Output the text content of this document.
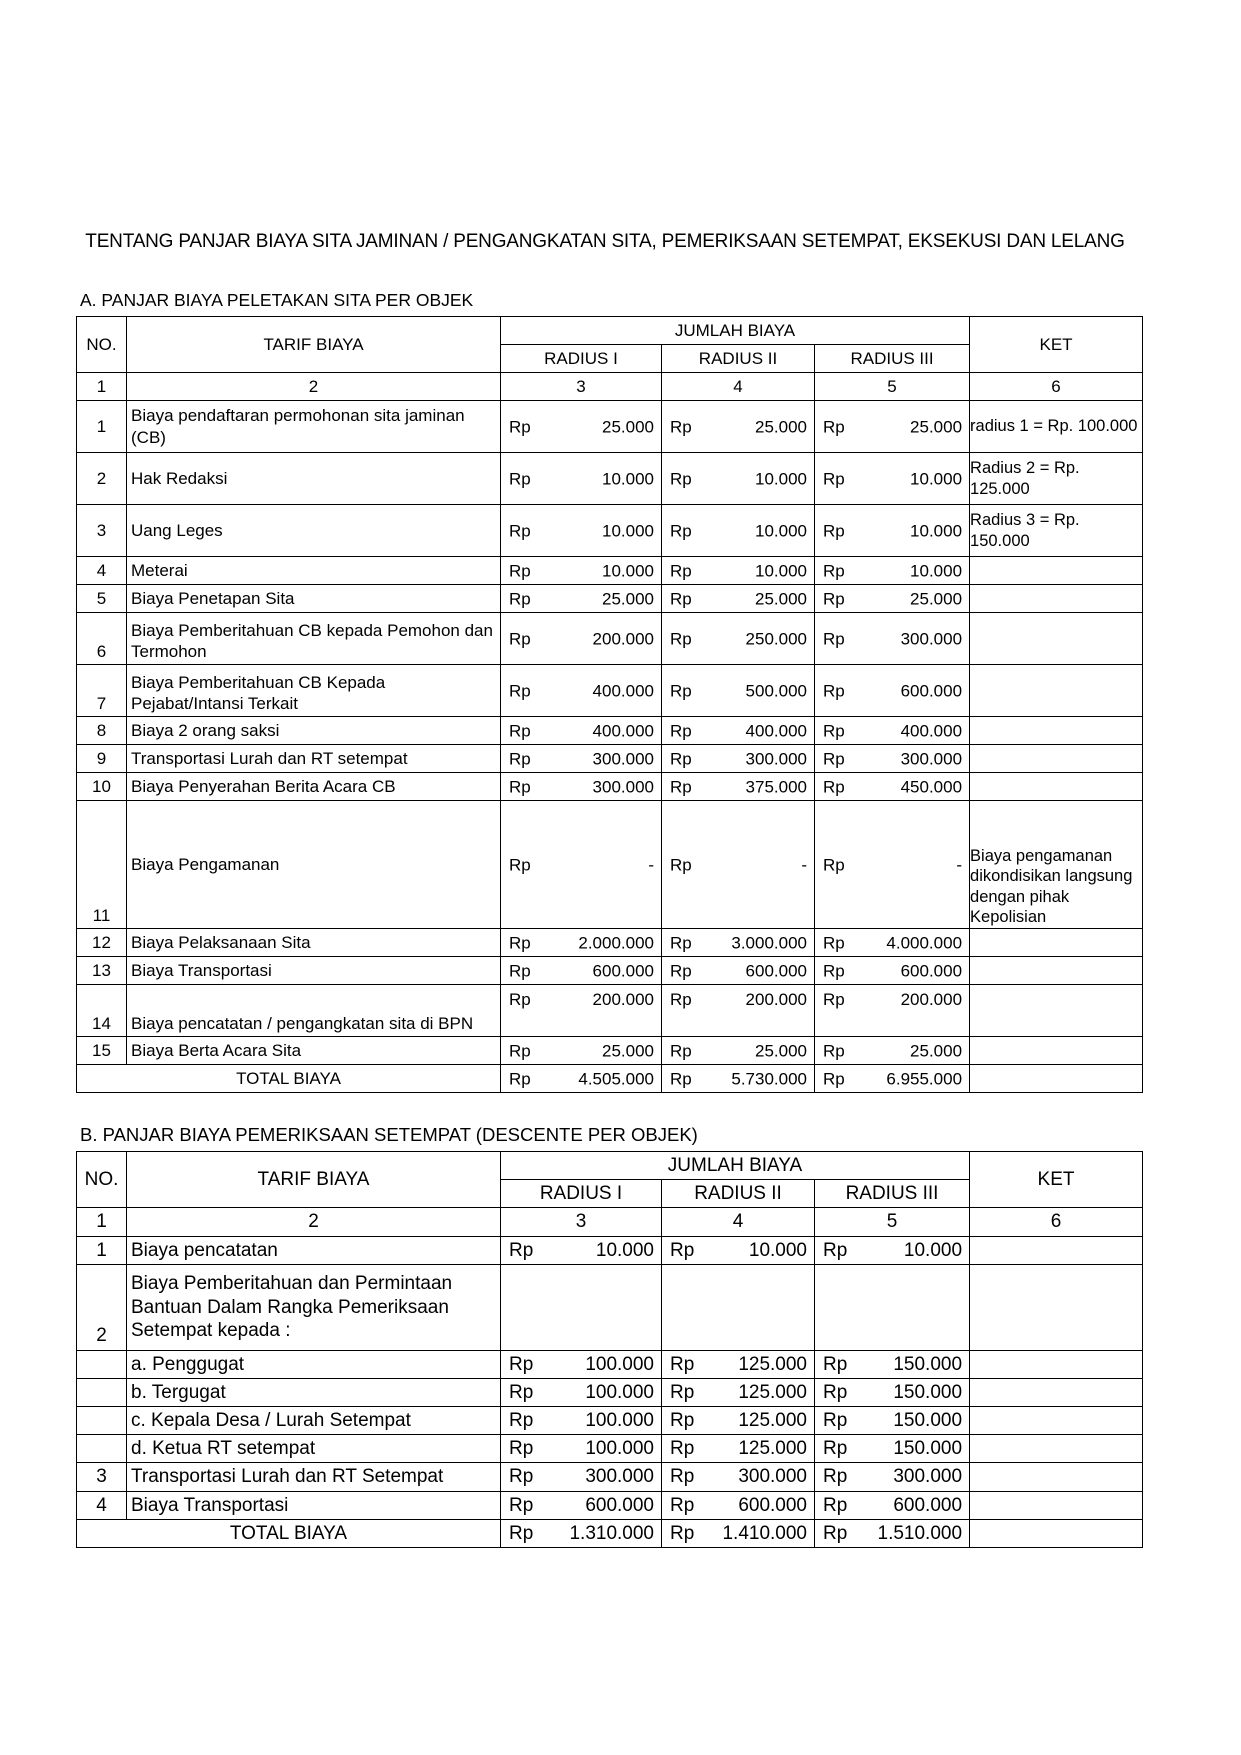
TENTANG PANJAR BIAYA SITA JAMINAN / PENGANGKATAN SITA, PEMERIKSAAN SETEMPAT, EKSEKUSI DAN LELANG
A. PANJAR BIAYA PELETAKAN SITA PER OBJEK
NO.	TARIF BIAYA	JUMLAH BIAYA			KET
		RADIUS I	RADIUS II	RADIUS III	
1	2	3	4	5	6
1	Biaya pendaftaran permohonan sita jaminan (CB)	Rp 25.000	Rp 25.000	Rp 25.000	radius 1 = Rp. 100.000
2	Hak Redaksi	Rp 10.000	Rp 10.000	Rp 10.000	Radius 2 = Rp. 125.000
3	Uang Leges	Rp 10.000	Rp 10.000	Rp 10.000	Radius 3 = Rp. 150.000
4	Meterai	Rp 10.000	Rp 10.000	Rp 10.000	

5	Biaya Penetapan Sita	Rp 25.000	Rp 25.000	Rp 25.000	

6	Biaya Pemberitahuan CB kepada Pemohon dan Termohon	Rp 200.000	Rp 250.000	Rp 300.000	

7	Biaya Pemberitahuan CB Kepada Pejabat/Intansi Terkait	Rp 400.000	Rp 500.000	Rp 600.000	

8	Biaya 2 orang saksi	Rp 400.000	Rp 400.000	Rp 400.000	

9	Transportasi Lurah dan RT setempat	Rp 300.000	Rp 300.000	Rp 300.000	

10	Biaya Penyerahan Berita Acara CB	Rp 300.000	Rp 375.000	Rp 450.000	

11	Biaya Pengamanan	Rp -	Rp -	Rp -	Biaya pengamanan dikondisikan langsung dengan pihak Kepolisian
12	Biaya Pelaksanaan Sita	Rp 2.000.000	Rp 3.000.000	Rp 4.000.000	

13	Biaya Transportasi	Rp 600.000	Rp 600.000	Rp 600.000	

14	Biaya pencatatan / pengangkatan sita di BPN	Rp 200.000	Rp 200.000	Rp 200.000	

15	Biaya Berta Acara Sita	Rp 25.000	Rp 25.000	Rp 25.000	

TOTAL BIAYA		Rp 4.505.000	Rp 5.730.000	Rp 6.955.000	

B. PANJAR BIAYA PEMERIKSAAN SETEMPAT (DESCENTE PER OBJEK)
NO.	TARIF BIAYA	JUMLAH BIAYA			KET
		RADIUS I	RADIUS II	RADIUS III	
1	2	3	4	5	6
1	Biaya pencatatan	Rp 10.000	Rp 10.000	Rp 10.000	

2	Biaya Pemberitahuan dan Permintaan Bantuan Dalam Rangka Pemeriksaan Setempat kepada :				
	a. Penggugat	Rp 100.000	Rp 125.000	Rp 150.000	

	b. Tergugat	Rp 100.000	Rp 125.000	Rp 150.000	

	c. Kepala Desa / Lurah Setempat	Rp 100.000	Rp 125.000	Rp 150.000	

	d. Ketua RT setempat	Rp 100.000	Rp 125.000	Rp 150.000	

3	Transportasi Lurah dan RT Setempat	Rp 300.000	Rp 300.000	Rp 300.000	

4	Biaya Transportasi	Rp 600.000	Rp 600.000	Rp 600.000	

TOTAL BIAYA		Rp 1.310.000	Rp 1.410.000	Rp 1.510.000	
